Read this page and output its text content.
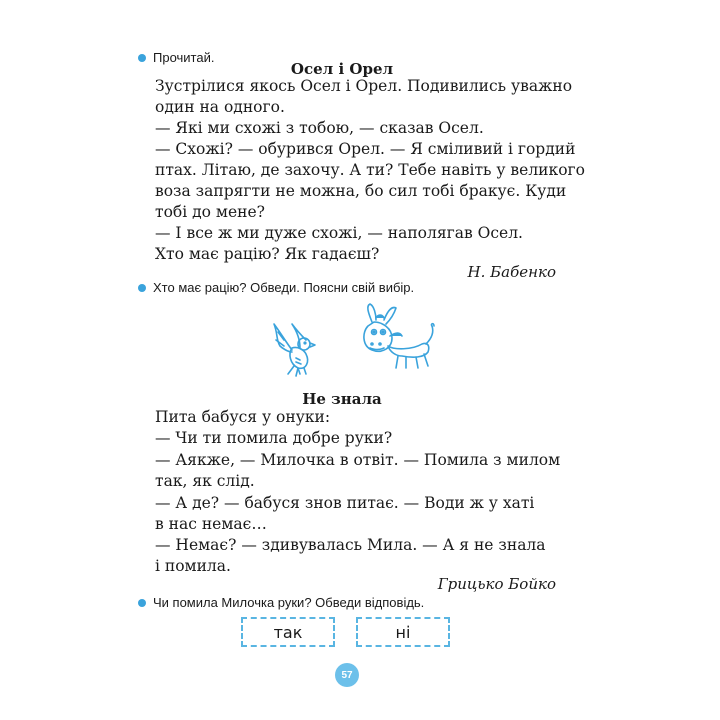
Прочитай.
Осел і Орел
Зустрілися якось Осел і Орел. Подивились уважно
один на одного.
— Які ми схожі з тобою, — сказав Осел.
— Схожі? — обурився Орел. — Я сміливий і гордий
птах. Літаю, де захочу. А ти? Тебе навіть у великого
воза запрягти не можна, бо сил тобі бракує. Куди
тобі до мене?
— І все ж ми дуже схожі, — наполягав Осел.
Хто має рацію? Як гадаєш?
Н. Бабенко
Хто має рацію? Обведи. Поясни свій вибір.
Не знала
Пита бабуся у онуки:
— Чи ти помила добре руки?
— Аякже, — Милочка в отвіт. — Помила з милом
так, як слід.
— А де? — бабуся знов питає. — Води ж у хаті
в нас немає…
— Немає? — здивувалась Мила. — А я не знала
і помила.
Грицько Бойко
Чи помила Милочка руки? Обведи відповідь.
так	ні
57
